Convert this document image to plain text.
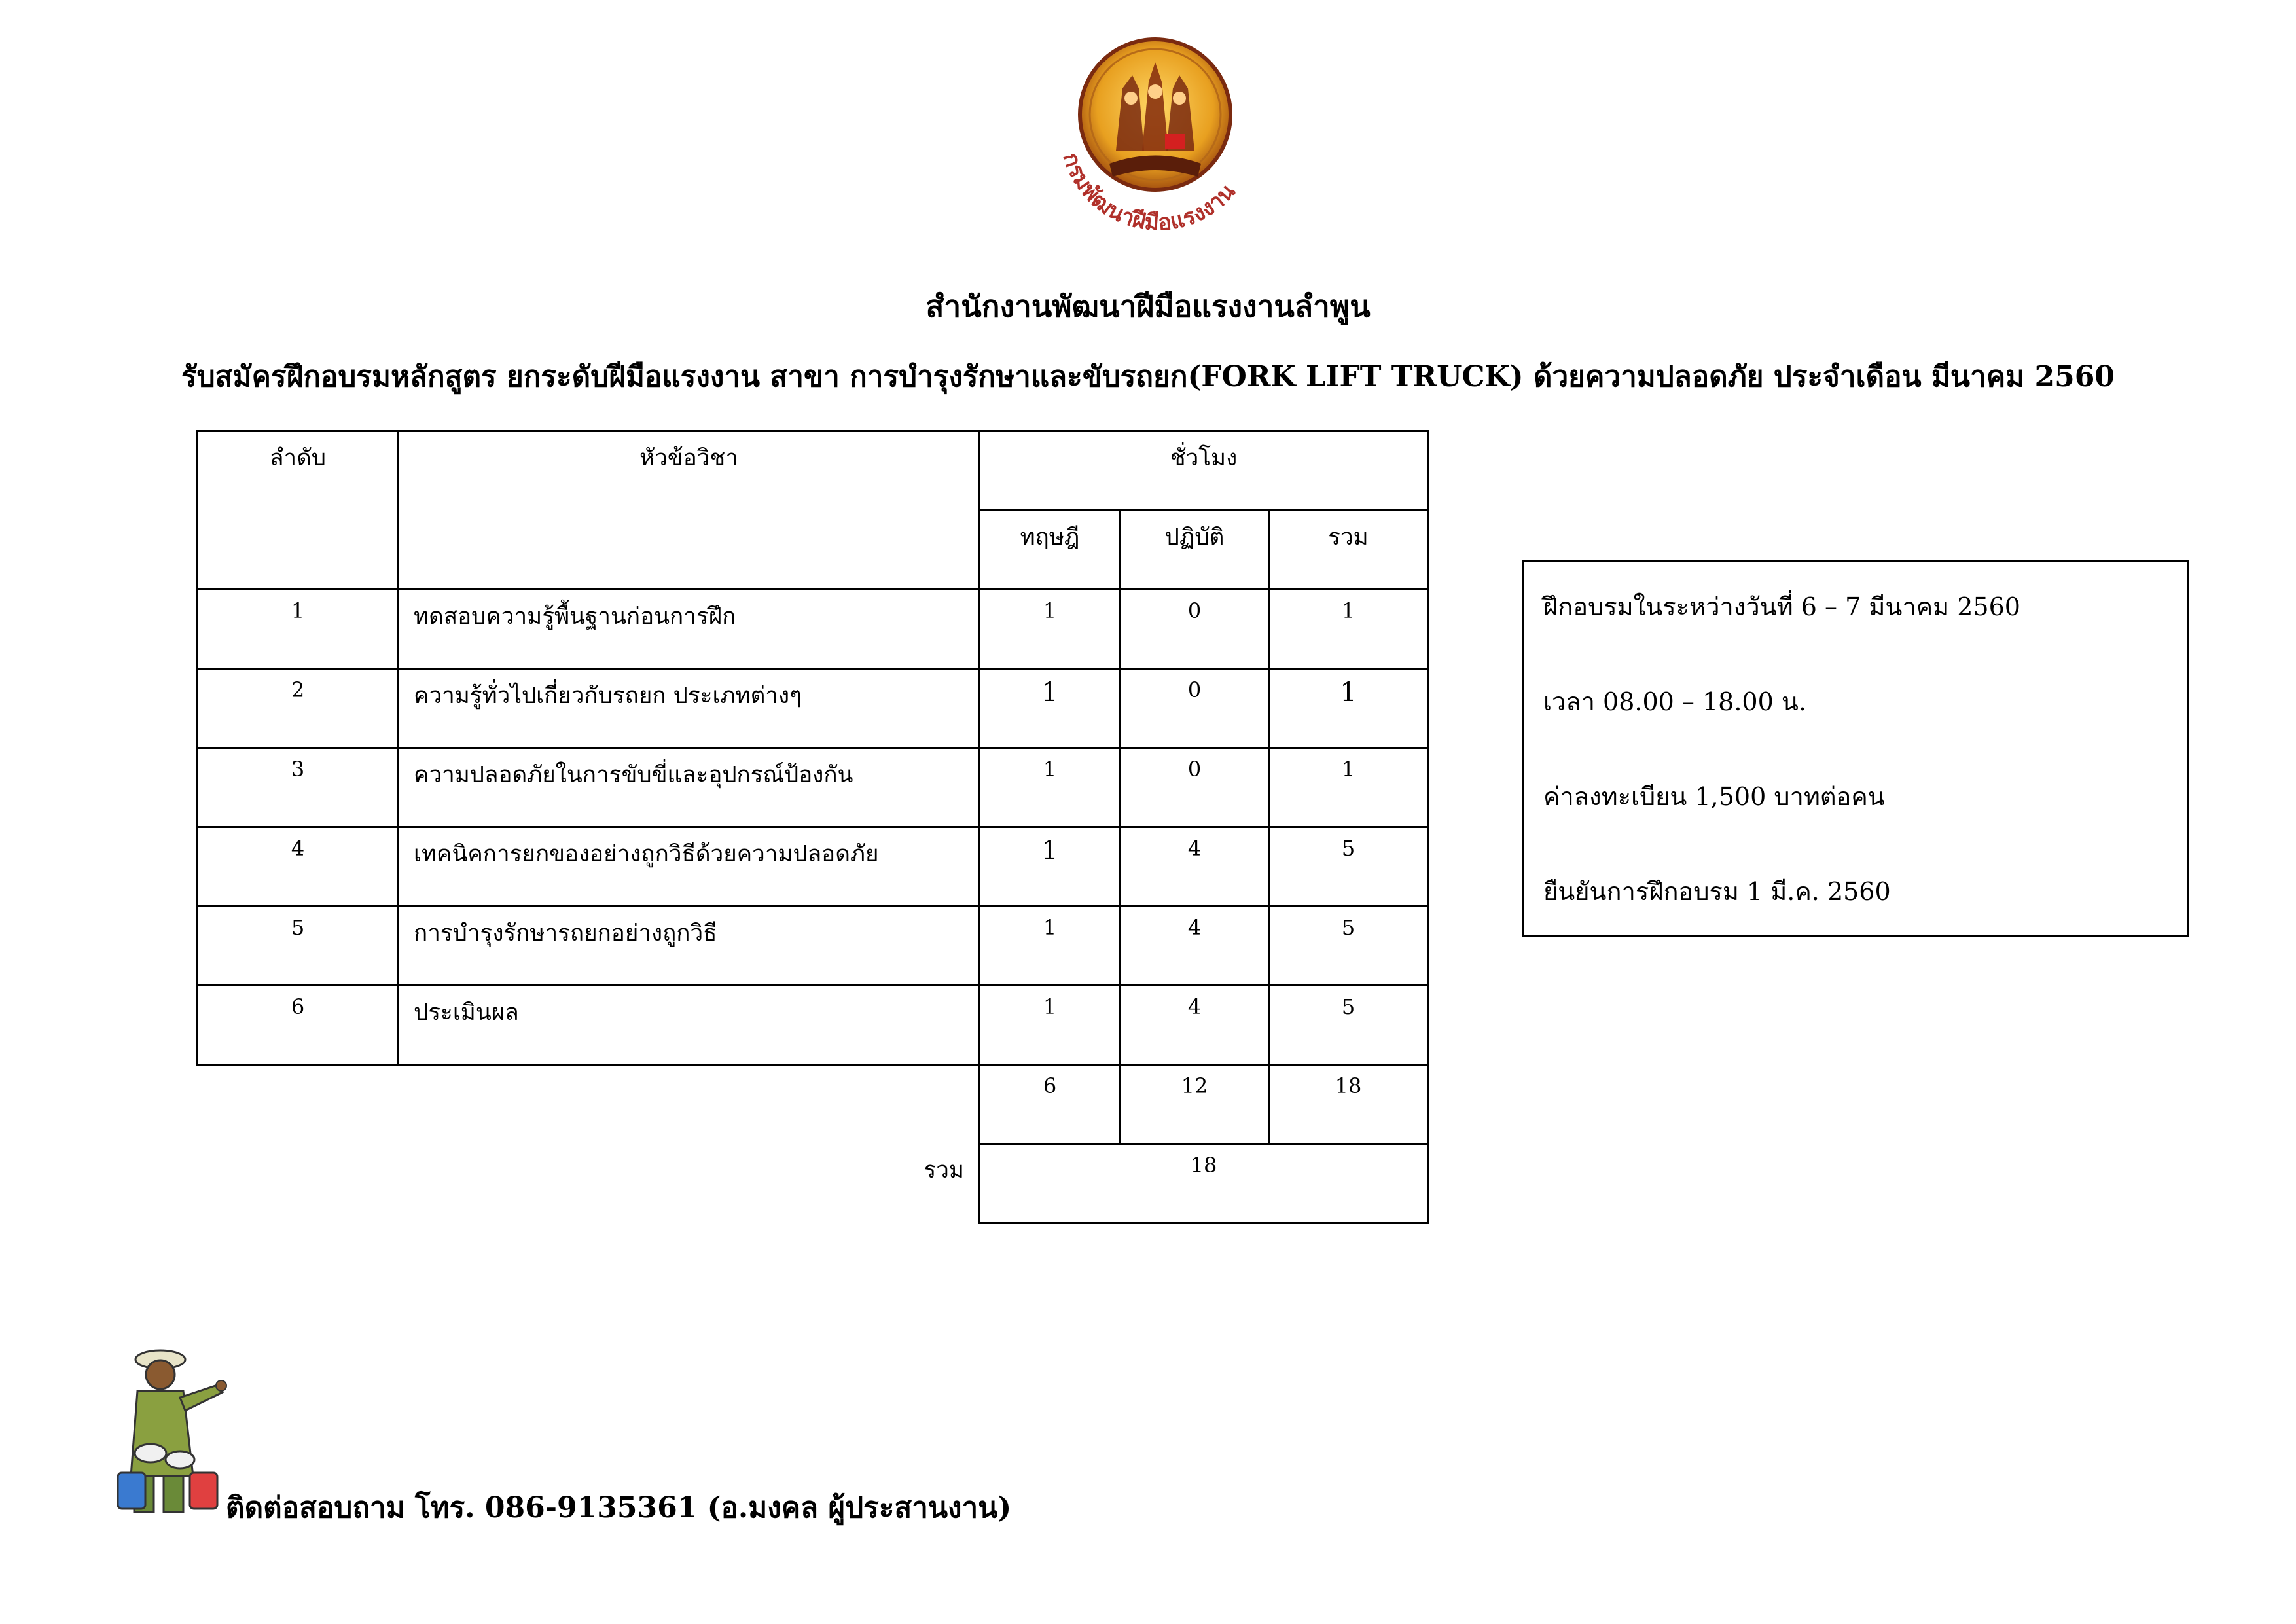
กรมพัฒนาฝีมือแรงงาน
สำนักงานพัฒนาฝีมือแรงงานลำพูน
รับสมัครฝึกอบรมหลักสูตร ยกระดับฝีมือแรงงาน สาขา การบำรุงรักษาและขับรถยก(FORK LIFT TRUCK) ด้วยความปลอดภัย ประจำเดือน มีนาคม 2560
ลำดับ	หัวข้อวิชา	ชั่วโมง		
		ทฤษฎี	ปฏิบัติ	รวม
1	ทดสอบความรู้พื้นฐานก่อนการฝึก	1	0	1
2	ความรู้ทั่วไปเกี่ยวกับรถยก ประเภทต่างๆ	1	0	1
3	ความปลอดภัยในการขับขี่และอุปกรณ์ป้องกัน	1	0	1
4	เทคนิคการยกของอย่างถูกวิธีด้วยความปลอดภัย	1	4	5
5	การบำรุงรักษารถยกอย่างถูกวิธี	1	4	5
6	ประเมินผล	1	4	5
		6	12	18
รวม		18		
ฝึกอบรมในระหว่างวันที่ 6 – 7 มีนาคม 2560
เวลา 08.00 – 18.00 น.
ค่าลงทะเบียน 1,500 บาทต่อคน
ยืนยันการฝึกอบรม 1 มี.ค. 2560
ติดต่อสอบถาม โทร. 086-9135361 (อ.มงคล ผู้ประสานงาน)
